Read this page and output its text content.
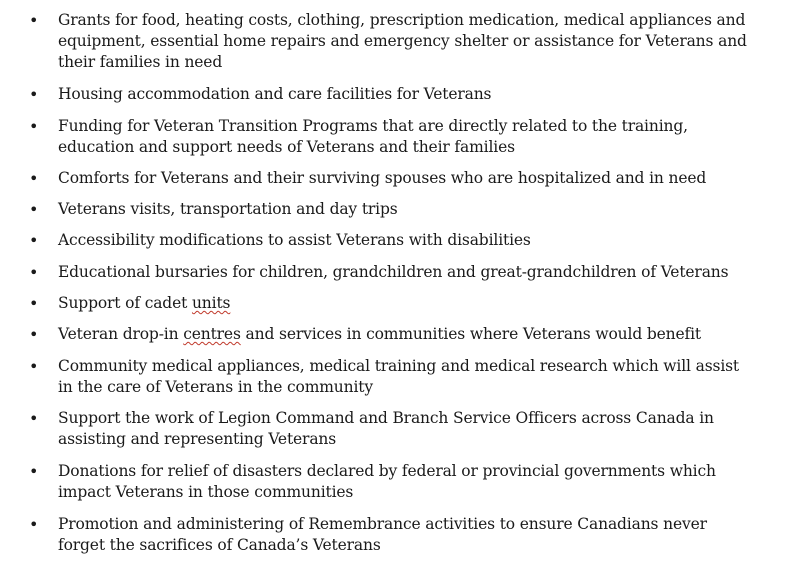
•	Grants for food, heating costs, clothing, prescription medication, medical appliances and equipment, essential home repairs and emergency shelter or assistance for Veterans and their families in need
•	Housing accommodation and care facilities for Veterans
•	Funding for Veteran Transition Programs that are directly related to the training, education and support needs of Veterans and their families
•	Comforts for Veterans and their surviving spouses who are hospitalized and in need
•	Veterans visits, transportation and day trips
•	Accessibility modifications to assist Veterans with disabilities
•	Educational bursaries for children, grandchildren and great-grandchildren of Veterans
•	Support of cadet units
•	Veteran drop-in centres and services in communities where Veterans would benefit
•	Community medical appliances, medical training and medical research which will assist in the care of Veterans in the community
•	Support the work of Legion Command and Branch Service Officers across Canada in assisting and representing Veterans
•	Donations for relief of disasters declared by federal or provincial governments which impact Veterans in those communities
•	Promotion and administering of Remembrance activities to ensure Canadians never forget the sacrifices of Canada’s Veterans
